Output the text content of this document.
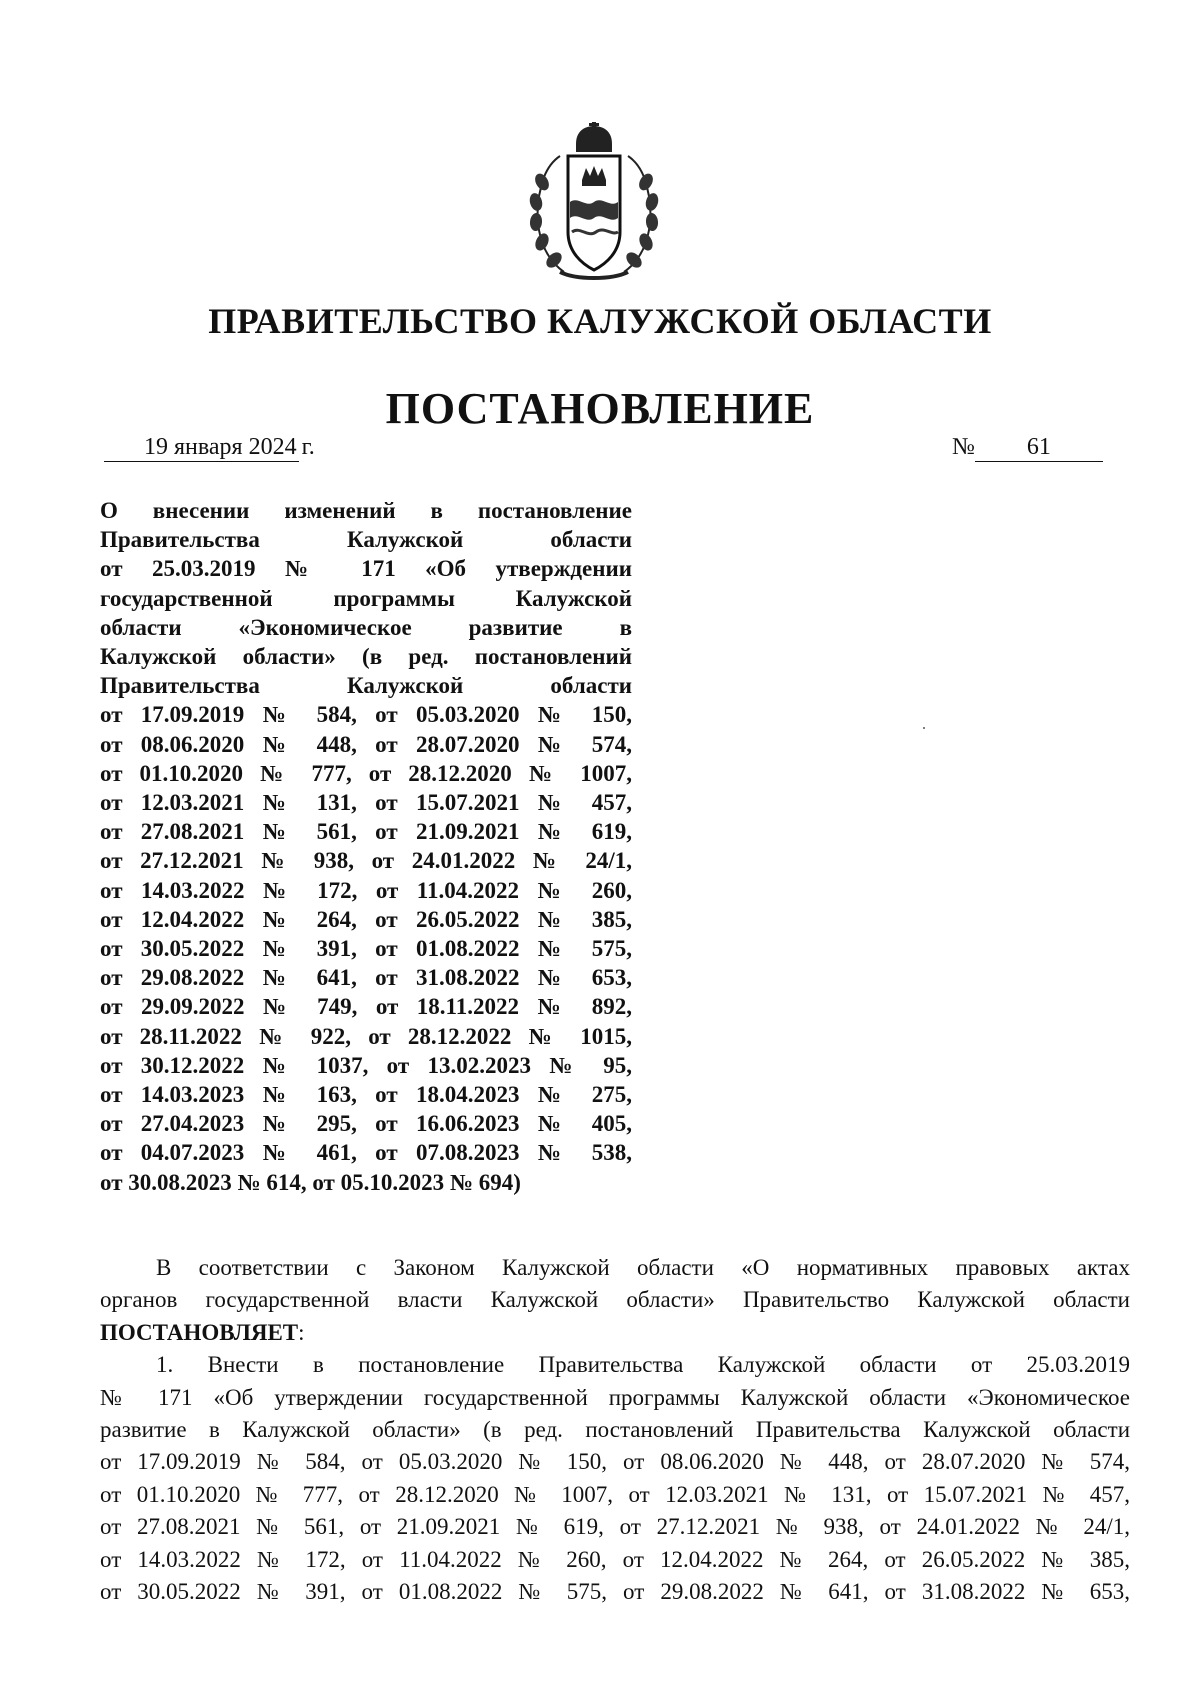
ПРАВИТЕЛЬСТВО КАЛУЖСКОЙ ОБЛАСТИ
ПОСТАНОВЛЕНИЕ
19 января 2024 г.	№ 61
О внесении изменений в постановление
Правительства Калужской области
от 25.03.2019 № 171 «Об утверждении
государственной программы Калужской
области «Экономическое развитие в
Калужской области» (в ред. постановлений
Правительства Калужской области
от 17.09.2019 № 584, от 05.03.2020 № 150,
от 08.06.2020 № 448, от 28.07.2020 № 574,
от 01.10.2020 № 777, от 28.12.2020 № 1007,
от 12.03.2021 № 131, от 15.07.2021 № 457,
от 27.08.2021 № 561, от 21.09.2021 № 619,
от 27.12.2021 № 938, от 24.01.2022 № 24/1,
от 14.03.2022 № 172, от 11.04.2022 № 260,
от 12.04.2022 № 264, от 26.05.2022 № 385,
от 30.05.2022 № 391, от 01.08.2022 № 575,
от 29.08.2022 № 641, от 31.08.2022 № 653,
от 29.09.2022 № 749, от 18.11.2022 № 892,
от 28.11.2022 № 922, от 28.12.2022 № 1015,
от 30.12.2022 № 1037, от 13.02.2023 № 95,
от 14.03.2023 № 163, от 18.04.2023 № 275,
от 27.04.2023 № 295, от 16.06.2023 № 405,
от 04.07.2023 № 461, от 07.08.2023 № 538,
от 30.08.2023 № 614, от 05.10.2023 № 694)
В соответствии с Законом Калужской области «О нормативных правовых актах
органов государственной власти Калужской области» Правительство Калужской области
ПОСТАНОВЛЯЕТ:
1. Внести в постановление Правительства Калужской области от 25.03.2019
№ 171 «Об утверждении государственной программы Калужской области «Экономическое
развитие в Калужской области» (в ред. постановлений Правительства Калужской области
от 17.09.2019 № 584, от 05.03.2020 № 150, от 08.06.2020 № 448, от 28.07.2020 № 574,
от 01.10.2020 № 777, от 28.12.2020 № 1007, от 12.03.2021 № 131, от 15.07.2021 № 457,
от 27.08.2021 № 561, от 21.09.2021 № 619, от 27.12.2021 № 938, от 24.01.2022 № 24/1,
от 14.03.2022 № 172, от 11.04.2022 № 260, от 12.04.2022 № 264, от 26.05.2022 № 385,
от 30.05.2022 № 391, от 01.08.2022 № 575, от 29.08.2022 № 641, от 31.08.2022 № 653,
